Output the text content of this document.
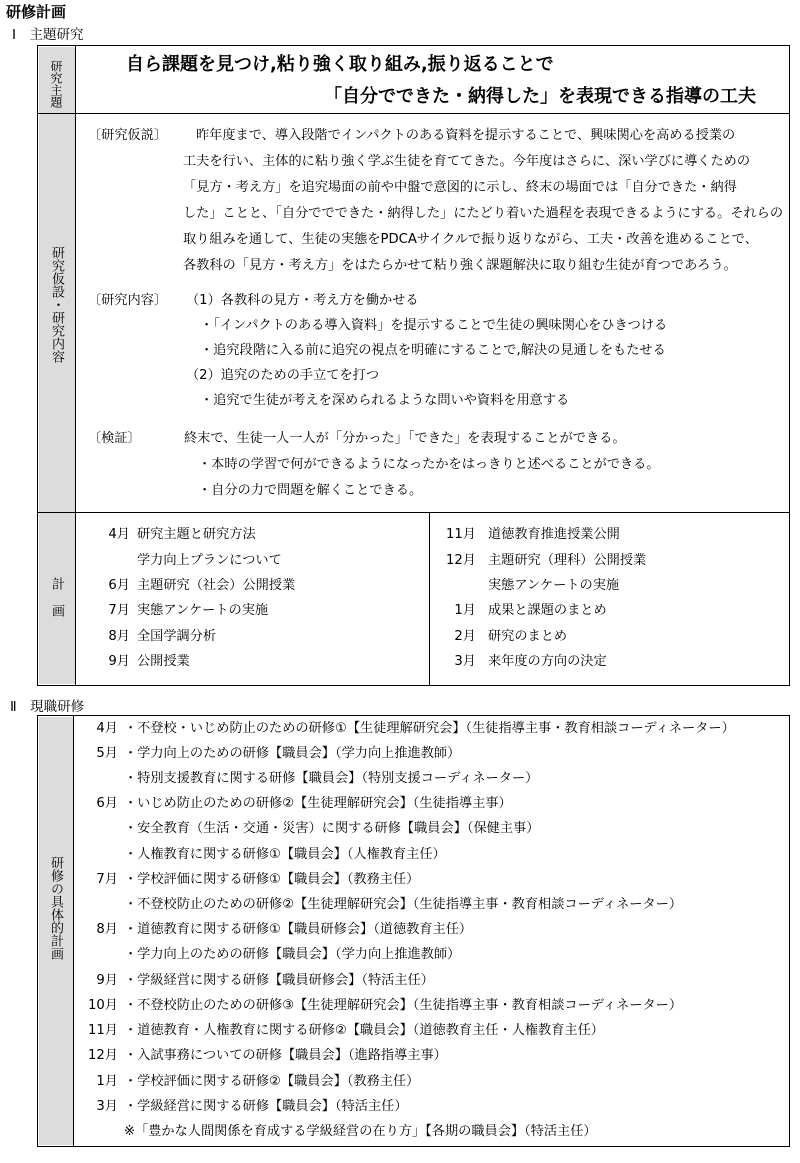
研修計画
Ⅰ　主題研究
研究主題
研究仮設・研究内容
計画
自ら課題を見つけ,粘り強く取り組み,振り返ることで
「自分でできた・納得した」を表現できる指導の工夫
〔研究仮説〕 昨年度まで、導入段階でインパクトのある資料を提示することで、興味関心を高める授業の
工夫を行い、主体的に粘り強く学ぶ生徒を育ててきた。今年度はさらに、深い学びに導くための
「見方・考え方」を追究場面の前や中盤で意図的に示し、終末の場面では「自分できた・納得
した」ことと、「自分ででできた・納得した」にたどり着いた過程を表現できるようにする。それらの
取り組みを通して、生徒の実態をPDCAサイクルで振り返りながら、工夫・改善を進めることで、
各教科の「見方・考え方」をはたらかせて粘り強く課題解決に取り組む生徒が育つであろう。
〔研究内容〕 （1）各教科の見方・考え方を働かせる
・「インパクトのある導入資料」を提示することで生徒の興味関心をひきつける
・追究段階に入る前に追究の視点を明確にすることで,解決の見通しをもたせる
（2）追究のための手立てを打つ
・追究で生徒が考えを深められるような問いや資料を用意する
〔検証〕	終末で、生徒一人一人が「分かった」「できた」を表現することができる。
・本時の学習で何ができるようになったかをはっきりと述べることができる。
・自分の力で問題を解くことできる。
4月 研究主題と研究方法
学力向上プランについて
6月 主題研究（社会）公開授業
7月 実態アンケートの実施
8月 全国学調分析
9月 公開授業
11月 道徳教育推進授業公開
12月 主題研究（理科）公開授業
実態アンケートの実施
1月 成果と課題のまとめ
2月 研究のまとめ
3月 来年度の方向の決定
Ⅱ　現職研修
研修の具体的計画
4月 ・不登校・いじめ防止のための研修①【生徒理解研究会】（生徒指導主事・教育相談コーディネーター）
5月 ・学力向上のための研修【職員会】（学力向上推進教師）
・特別支援教育に関する研修【職員会】（特別支援コーディネーター）
6月 ・いじめ防止のための研修②【生徒理解研究会】（生徒指導主事）
・安全教育（生活・交通・災害）に関する研修【職員会】（保健主事）
・人権教育に関する研修①【職員会】（人権教育主任）
7月 ・学校評価に関する研修①【職員会】（教務主任）
・不登校防止のための研修②【生徒理解研究会】（生徒指導主事・教育相談コーディネーター）
8月 ・道徳教育に関する研修①【職員研修会】（道徳教育主任）
・学力向上のための研修【職員会】（学力向上推進教師）
9月 ・学級経営に関する研修【職員研修会】（特活主任）
10月 ・不登校防止のための研修③【生徒理解研究会】（生徒指導主事・教育相談コーディネーター）
11月 ・道徳教育・人権教育に関する研修②【職員会】（道徳教育主任・人権教育主任）
12月 ・入試事務についての研修【職員会】（進路指導主事）
1月 ・学校評価に関する研修②【職員会】（教務主任）
3月 ・学級経営に関する研修【職員会】（特活主任）
※「豊かな人間関係を育成する学級経営の在り方」【各期の職員会】（特活主任）
